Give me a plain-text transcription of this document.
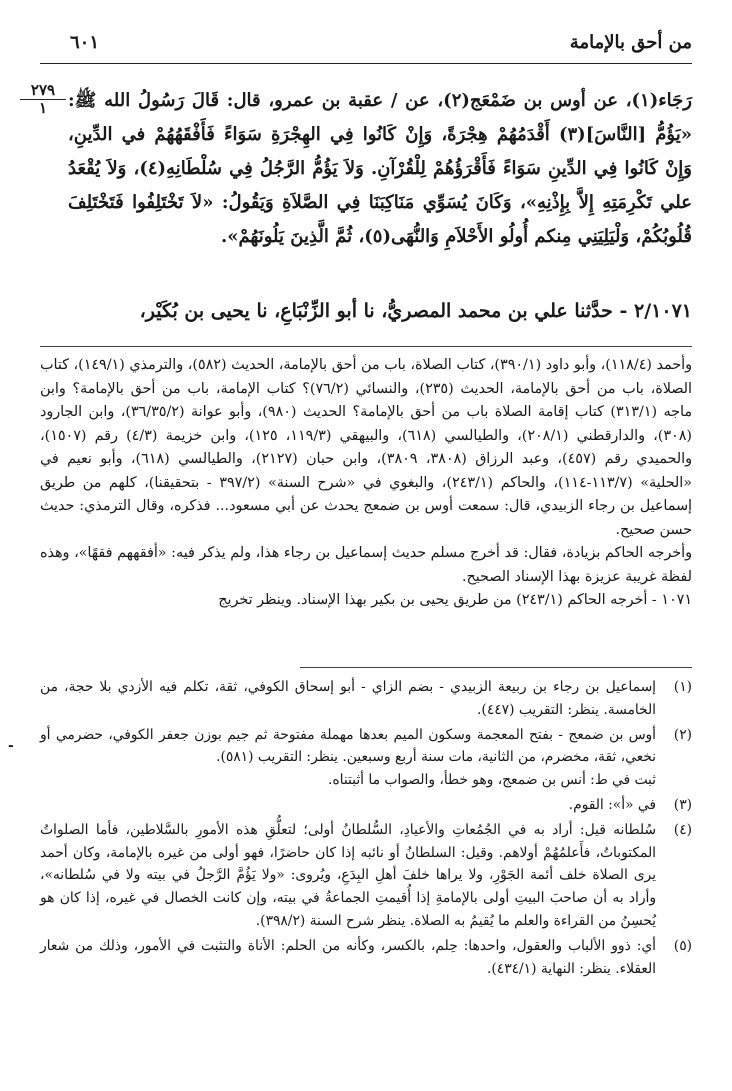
من أحق بالإمامة
٦٠١
٢٧٩
١
-

رَجَاء(١)، عن أوس بن ضَمْعَج(٢)، عن / عقبة بن عمرو، قال: قَالَ رَسُولُ الله ﷺ: «يَؤُمُّ [النَّاسَ](٣) أَقْدَمُهُمْ هِجْرَةً، وَإِنْ كَانُوا فِي الهِجْرَةِ سَوَاءً فَأَفْقَهُهُمْ في الدِّينِ، وَإِنْ كَانُوا فِي الدِّينِ سَوَاءً فَأَقْرَؤُهُمْ لِلْقُرْآنِ. وَلاَ يَؤُمُّ الرَّجُلُ فِي سُلْطَانِهِ(٤)، وَلاَ يُقْعَدُ علي تَكْرِمَتِهِ إِلاَّ بِإِذْنِهِ»، وَكَانَ يُسَوِّي مَنَاكِبَنَا فِي الصَّلاَةِ وَيَقُولُ: «لاَ تَخْتَلِفُوا فَتَخْتَلِفَ قُلُوبُكُمْ، وَلْيَلِيَنِي مِنكم أُولُو الأَحْلاَمِ وَالنُّهَى(٥)، ثُمَّ الَّذِينَ يَلُونَهُمْ».

٢/١٠٧١ - حدَّثنا علي بن محمد المصريُّ، نا أبو الزِّنْبَاعِ، نا يحيى بن بُكَيْر،

وأحمد (١١٨/٤)، وأبو داود (٣٩٠/١)، كتاب الصلاة، باب من أحق بالإمامة، الحديث (٥٨٢)، والترمذي (١٤٩/١)، كتاب الصلاة، باب من أحق بالإمامة، الحديث (٢٣٥)، والنسائي (٧٦/٢)؟ كتاب الإمامة، باب من أحق بالإمامة؟ وابن ماجه (٣١٣/١) كتاب إقامة الصلاة باب من أحق بالإمامة؟ الحديث (٩٨٠)، وأبو عوانة (٣٦/٣٥/٢)، وابن الجارود (٣٠٨)، والدارقطني (٢٠٨/١)، والطيالسي (٦١٨)، والبيهقي (١١٩/٣، ١٢٥)، وابن خزيمة (٤/٣) رقم (١٥٠٧)، والحميدي رقم (٤٥٧)، وعبد الرزاق (٣٨٠٨، ٣٨٠٩)، وابن حبان (٢١٢٧)، والطيالسي (٦١٨)، وأبو نعيم في «الحلية» (١١٣/٧-١١٤)، والحاكم (٢٤٣/١)، والبغوي في «شرح السنة» (٣٩٧/٢ - بتحقيقنا)، كلهم من طريق إسماعيل بن رجاء الزبيدي، قال: سمعت أوس بن ضمعج يحدث عن أبي مسعود... فذكره، وقال الترمذي: حديث حسن صحيح.

وأخرجه الحاكم بزيادة، فقال: قد أخرج مسلم حديث إسماعيل بن رجاء هذا، ولم يذكر فيه: «أفقههم فقهًا»، وهذه لفظة غريبة عزيزة بهذا الإسناد الصحيح.

١٠٧١ - أخرجه الحاكم (٢٤٣/١) من طريق يحيى بن بكير بهذا الإسناد. وينظر تخريج

(١)

إسماعيل بن رجاء بن ربيعة الزبيدي - بضم الزاي - أبو إسحاق الكوفي، ثقة، تكلم فيه الأزدي بلا حجة، من الخامسة. ينظر: التقريب (٤٤٧).

(٢)

أوس بن ضمعج - بفتح المعجمة وسكون الميم بعدها مهملة مفتوحة ثم جيم بوزن جعفر الكوفي، حضرمي أو نخعي، ثقة، مخضرم، من الثانية، مات سنة أربع وسبعين. ينظر: التقريب (٥٨١).

ثبت في ط: أنس بن ضمعج، وهو خطأ، والصواب ما أثبتناه.

(٣)

في «أ»: القوم.

(٤)

سُلطانه قيل: أراد به في الجُمُعاتِ والأعيادِ، السُّلطانُ أولى؛ لتعلُّقِ هذه الأمورِ بالسَّلاطين، فأما الصلواتُ المكتوباتُ، فأَعلمُهُمْ أولاهم. وقيل: السلطانُ أو نائبه إذا كان حاضرًا، فهو أولى من غيره بالإمامة، وكان أحمد يرى الصلاة خلف أئمة الجَوْرِ، ولا يراها خلفَ أهلِ البِدَعِ، ويُروى: «ولا يَؤُمَّ الرَّجلُ في بيته ولا في سُلطانه»، وأراد به أن صاحبَ البيتِ أولى بالإمامةِ إذا أُقيمتِ الجماعةُ في بيته، وإن كانت الخصال في غيره، إذا كان هو يُحسِنُ من القراءة والعلم ما يُقيمُ به الصلاة. ينظر شرح السنة (٣٩٨/٢).

(٥)

أي: ذوو الألباب والعقول، واحدها: حِلم، بالكسر، وكأنه من الحلم: الأناة والتثبت في الأمور، وذلك من شعار العقلاء. ينظر: النهاية (٤٣٤/١).
